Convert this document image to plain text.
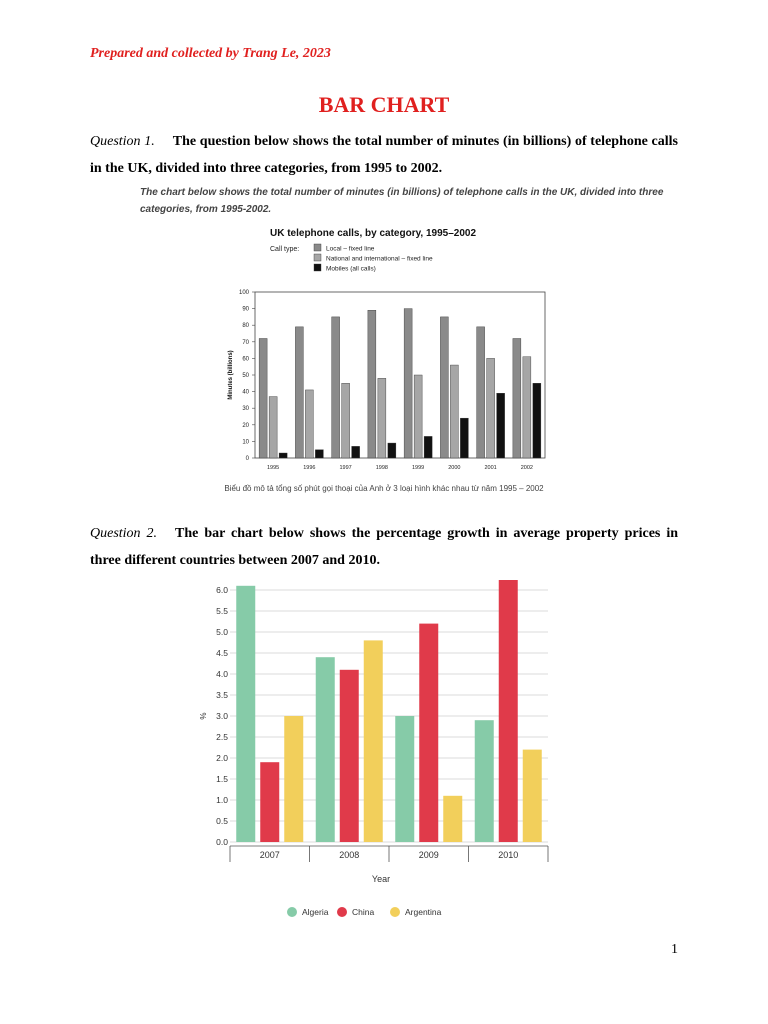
Prepared and collected by Trang Le, 2023
BAR CHART
Question 1. The question below shows the total number of minutes (in billions) of telephone calls in the UK, divided into three categories, from 1995 to 2002.
The chart below shows the total number of minutes (in billions) of telephone calls in the UK, divided into three categories, from 1995-2002.
UK telephone calls, by category, 1995–2002
Call type:	Local – fixed line
National and international – fixed line
Mobiles (all calls)
0
10
20
30
40
50
60
70
80
90
100
Minutes (billions)
1995	1996	1997	1998	1999	2000	2001	2002
Biểu đồ mô tả tổng số phút gọi thoại của Anh ở 3 loại hình khác nhau từ năm 1995 – 2002
Question 2. The bar chart below shows the percentage growth in average property prices in three different countries between 2007 and 2010.
0.0
0.5
1.0
1.5
2.0
2.5
3.0
3.5
4.0
4.5
5.0
5.5
6.0
%
2007	2008	2009	2010
Year
Algeria	China	Argentina
1
